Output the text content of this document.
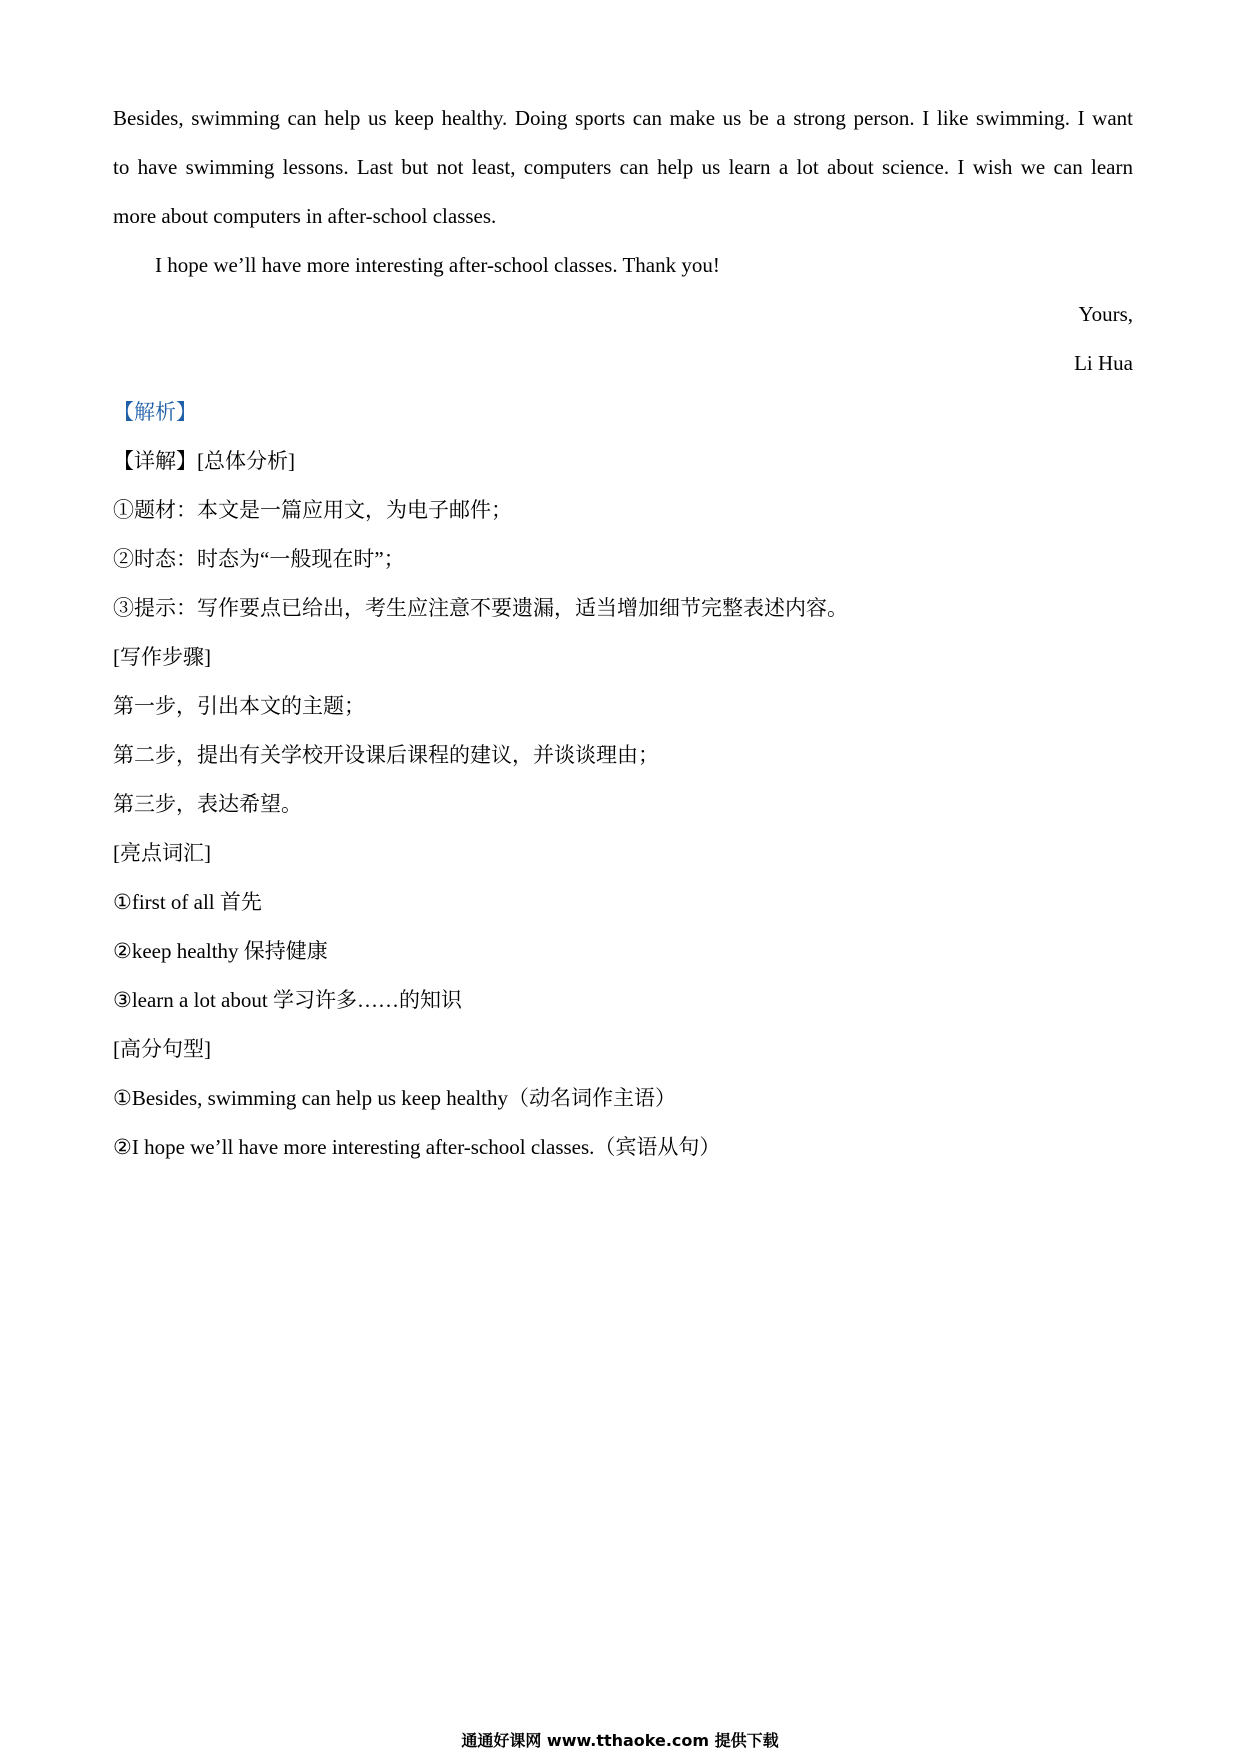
Besides, swimming can help us keep healthy. Doing sports can make us be a strong person. I like swimming. I want
to have swimming lessons. Last but not least, computers can help us learn a lot about science. I wish we can learn
more about computers in after-school classes.
I hope we’ll have more interesting after-school classes. Thank you!
Yours,
Li Hua
【解析】
【详解】[总体分析]
①题材：本文是一篇应用文，为电子邮件；
②时态：时态为“一般现在时”；
③提示：写作要点已给出，考生应注意不要遗漏，适当增加细节完整表述内容。
[写作步骤]
第一步，引出本文的主题；
第二步，提出有关学校开设课后课程的建议，并谈谈理由；
第三步，表达希望。
[亮点词汇]
①first of all 首先
②keep healthy 保持健康
③learn a lot about 学习许多……的知识
[高分句型]
①Besides, swimming can help us keep healthy（动名词作主语）
②I hope we’ll have more interesting after-school classes.（宾语从句）
通通好课网 www.tthaoke.com 提供下载
